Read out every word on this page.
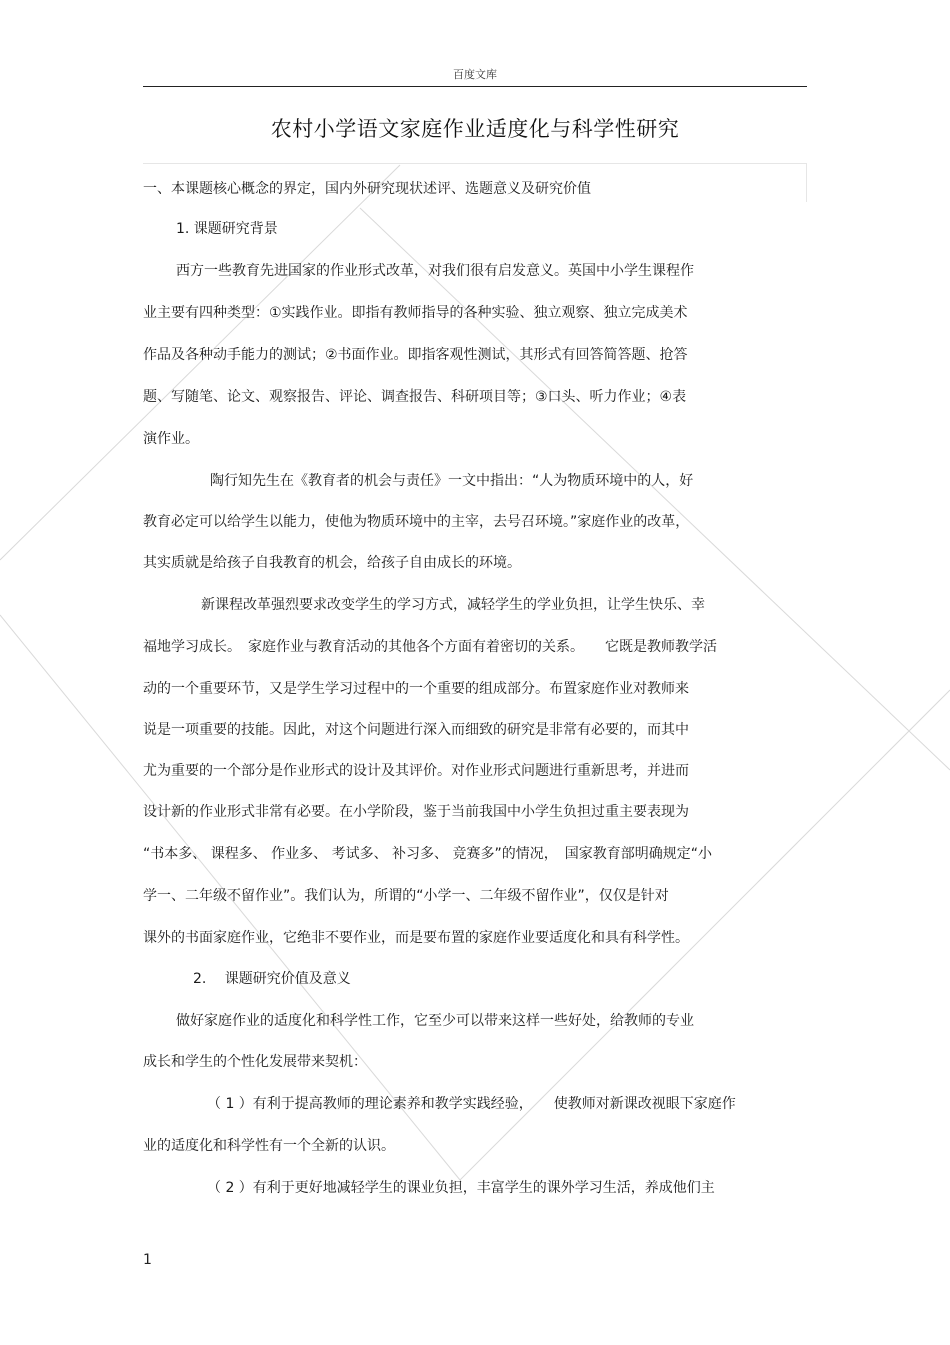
百度文库
农村小学语文家庭作业适度化与科学性研究
一、本课题核心概念的界定，国内外研究现状述评、选题意义及研究价值
1. 课题研究背景
西方一些教育先进国家的作业形式改革，对我们很有启发意义。英国中小学生课程作
业主要有四种类型：①实践作业。即指有教师指导的各种实验、独立观察、独立完成美术
作品及各种动手能力的测试；②书面作业。即指客观性测试，其形式有回答简答题、抢答
题、写随笔、论文、观察报告、评论、调查报告、科研项目等；③口头、听力作业；④表
演作业。
陶行知先生在《教育者的机会与责任》一文中指出：“人为物质环境中的人，好
教育必定可以给学生以能力，使他为物质环境中的主宰，去号召环境。”家庭作业的改革，
其实质就是给孩子自我教育的机会，给孩子自由成长的环境。
新课程改革强烈要求改变学生的学习方式，减轻学生的学业负担，让学生快乐、幸
福地学习成长。　家庭作业与教育活动的其他各个方面有着密切的关系。　　它既是教师教学活
动的一个重要环节，又是学生学习过程中的一个重要的组成部分。布置家庭作业对教师来
说是一项重要的技能。因此，对这个问题进行深入而细致的研究是非常有必要的，而其中
尤为重要的一个部分是作业形式的设计及其评价。对作业形式问题进行重新思考，并进而
设计新的作业形式非常有必要。在小学阶段，鉴于当前我国中小学生负担过重主要表现为
“书本多、 课程多、 作业多、 考试多、 补习多、 竞赛多”的情况，　国家教育部明确规定“小
学一、二年级不留作业”。我们认为，所谓的“小学一、二年级不留作业”，仅仅是针对
课外的书面家庭作业，它绝非不要作业，而是要布置的家庭作业要适度化和具有科学性。
2.　 课题研究价值及意义
做好家庭作业的适度化和科学性工作，它至少可以带来这样一些好处，给教师的专业
成长和学生的个性化发展带来契机：
（ 1 ）有利于提高教师的理论素养和教学实践经验，　　使教师对新课改视眼下家庭作
业的适度化和科学性有一个全新的认识。
（ 2 ）有利于更好地减轻学生的课业负担，丰富学生的课外学习生活，养成他们主
1
